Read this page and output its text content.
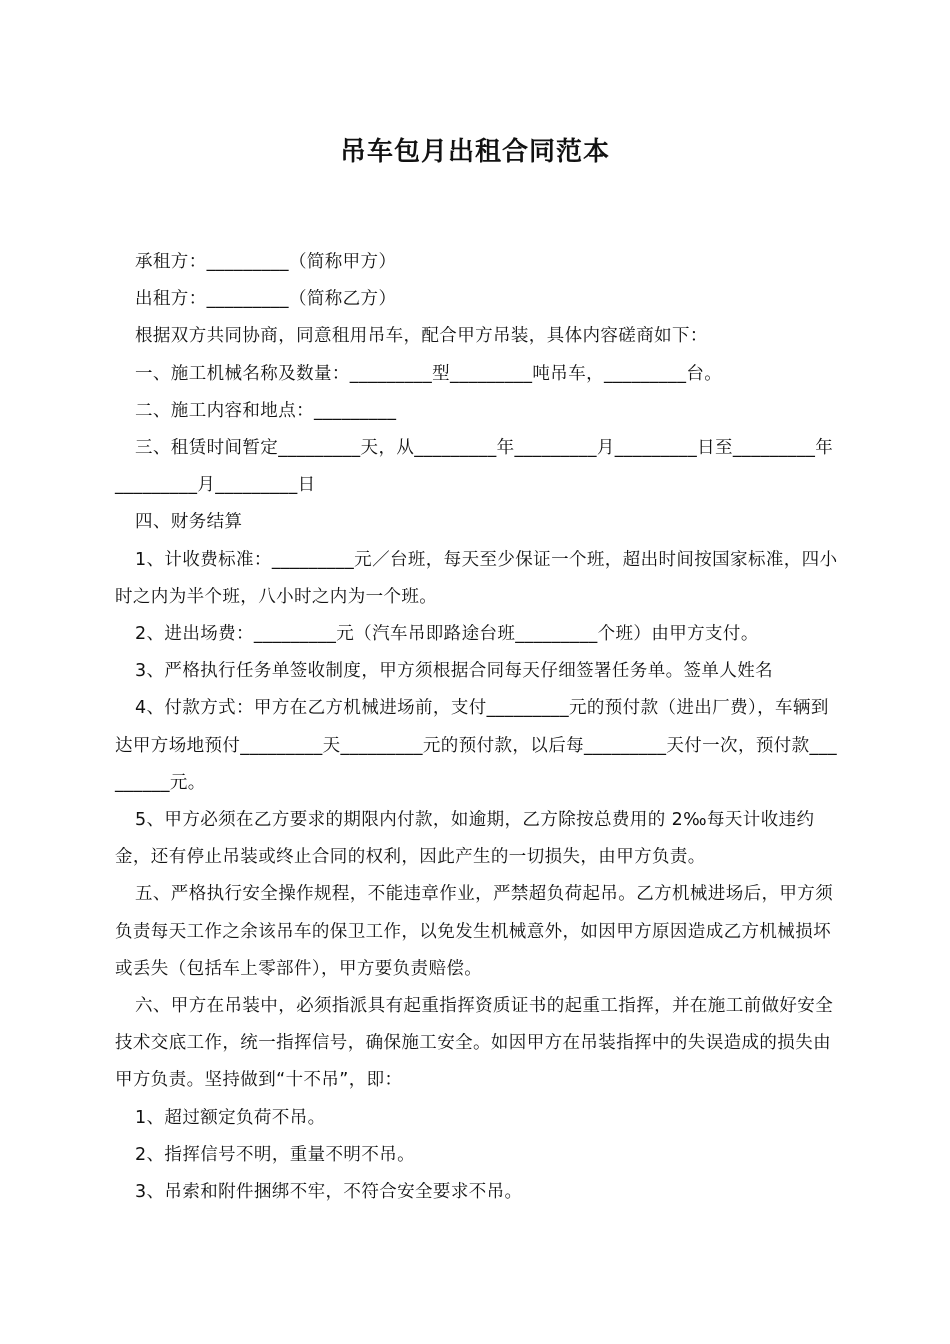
吊车包月出租合同范本

承租方：_________（简称甲方）

出租方：_________（简称乙方）

根据双方共同协商，同意租用吊车，配合甲方吊装，具体内容磋商如下：

一、施工机械名称及数量：_________型_________吨吊车，_________台。

二、施工内容和地点：_________

三、租赁时间暂定_________天，从_________年_________月_________日至_________年_________月_________日

四、财务结算

1、计收费标准：_________元／台班，每天至少保证一个班，超出时间按国家标准，四小时之内为半个班，八小时之内为一个班。

2、进出场费：_________元（汽车吊即路途台班_________个班）由甲方支付。

3、严格执行任务单签收制度，甲方须根据合同每天仔细签署任务单。签单人姓名

4、付款方式：甲方在乙方机械进场前，支付_________元的预付款（进出厂费），车辆到达甲方场地预付_________天_________元的预付款，以后每_________天付一次，预付款_________元。

5、甲方必须在乙方要求的期限内付款，如逾期，乙方除按总费用的 2‰每天计收违约金，还有停止吊装或终止合同的权利，因此产生的一切损失，由甲方负责。

五、严格执行安全操作规程，不能违章作业，严禁超负荷起吊。乙方机械进场后，甲方须负责每天工作之余该吊车的保卫工作，以免发生机械意外，如因甲方原因造成乙方机械损坏或丢失（包括车上零部件），甲方要负责赔偿。

六、甲方在吊装中，必须指派具有起重指挥资质证书的起重工指挥，并在施工前做好安全技术交底工作，统一指挥信号，确保施工安全。如因甲方在吊装指挥中的失误造成的损失由甲方负责。坚持做到“十不吊”，即：

1、超过额定负荷不吊。

2、指挥信号不明，重量不明不吊。

3、吊索和附件捆绑不牢，不符合安全要求不吊。
